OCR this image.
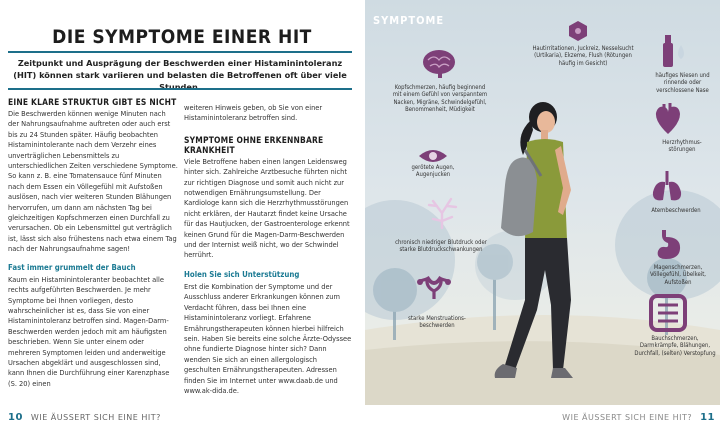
DIE SYMPTOME EINER HIT
Zeitpunkt und Ausprägung der Beschwerden einer Histaminintoleranz (HIT) können stark variieren und belasten die Betroffenen oft über viele
EINE KLARE STRUKTUR GIBT ES NICHT

Die Beschwerden können wenige Minuten nach der Nahrungsaufnahme auftreten oder auch erst bis zu 24 Stunden später. Häufig beobachten Histaminintolerante nach dem Verzehr eines unverträglichen Lebensmittels zu unterschiedlichen Zeiten verschiedene Symptome. So kann z. B. eine Tomatensauce fünf Minuten nach dem Essen ein Völlegefühl mit Aufstoßen auslösen, nach vier weiteren Stunden Blähungen hervorrufen, um dann am nächsten Tag bei gleichzeitigen Kopfschmerzen einen Durchfall zu verursachen. Ob ein Lebensmittel gut verträglich ist, lässt sich also frühestens nach etwa einem Tag nach der Nahrungsaufnahme sagen!

Fast immer grummelt der Bauch

Kaum ein Histaminintoleranter beobachtet alle rechts aufgeführten Beschwerden. Je mehr Symptome bei Ihnen vorliegen, desto wahrscheinlicher ist es, dass Sie von einer Histaminintoleranz betroffen sind. Magen-Darm-Beschwerden werden jedoch mit am häufigsten beschrieben. Wenn Sie unter einem oder mehreren Symptomen leiden und anderweitige Ursachen abgeklärt und ausgeschlossen sind, kann Ihnen die Durchführung einer Karenzphase (S. 20) einen

weiteren Hinweis geben, ob Sie von einer Histaminintoleranz betroffen sind.

SYMPTOME OHNE ERKENNBARE KRANKHEIT

Viele Betroffene haben einen langen Leidensweg hinter sich. Zahlreiche Arztbesuche führten nicht zur richtigen Diagnose und somit auch nicht zur notwendigen Ernährungsumstellung. Der Kardiologe kann sich die Herzrhythmusstörungen nicht erklären, der Hautarzt findet keine Ursache für das Hautjucken, der Gastroenterologe erkennt keinen Grund für die Magen-Darm-Beschwerden und der Internist weiß nicht, wo der Schwindel herrührt.

Holen Sie sich Unterstützung

Erst die Kombination der Symptome und der Ausschluss anderer Erkrankungen können zum Verdacht führen, dass bei Ihnen eine Histaminintoleranz vorliegt. Erfahrene Ernährungstherapeuten können hierbei hilfreich sein. Haben Sie bereits eine solche Ärzte-Odyssee ohne fundierte Diagnose hinter sich? Dann wenden Sie sich an einen allergologisch geschulten Ernährungstherapeuten. Adressen finden Sie im Internet unter www.daab.de und www.ak-dida.de.

10 WIE ÄUSSERT SICH EINE HIT?
SYMPTOME
Hautirritationen, Juckreiz, Nesselsucht (Urtikaria), Ekzeme, Flush (Rötungen häufig im Gesicht)
häufiges Niesen und rinnende oder verschlossene Nase
Kopfschmerzen, häufig beginnend mit einem Gefühl von verspanntem Nacken, Migräne, Schwindelgefühl, Benommenheit, Müdigkeit
Herzrhythmus-störungen
gerötete Augen, Augenjucken
Atembeschwerden
chronisch niedriger Blutdruck oder starke Blutdruckschwankungen
Magenschmerzen, Völlegefühl, Übelkeit, Aufstoßen
starke Menstruations-beschwerden
Bauchschmerzen, Darmkrämpfe, Blähungen, Durchfall, (selten) Verstopfung
WIE ÄUSSERT SICH EINE HIT? 11
